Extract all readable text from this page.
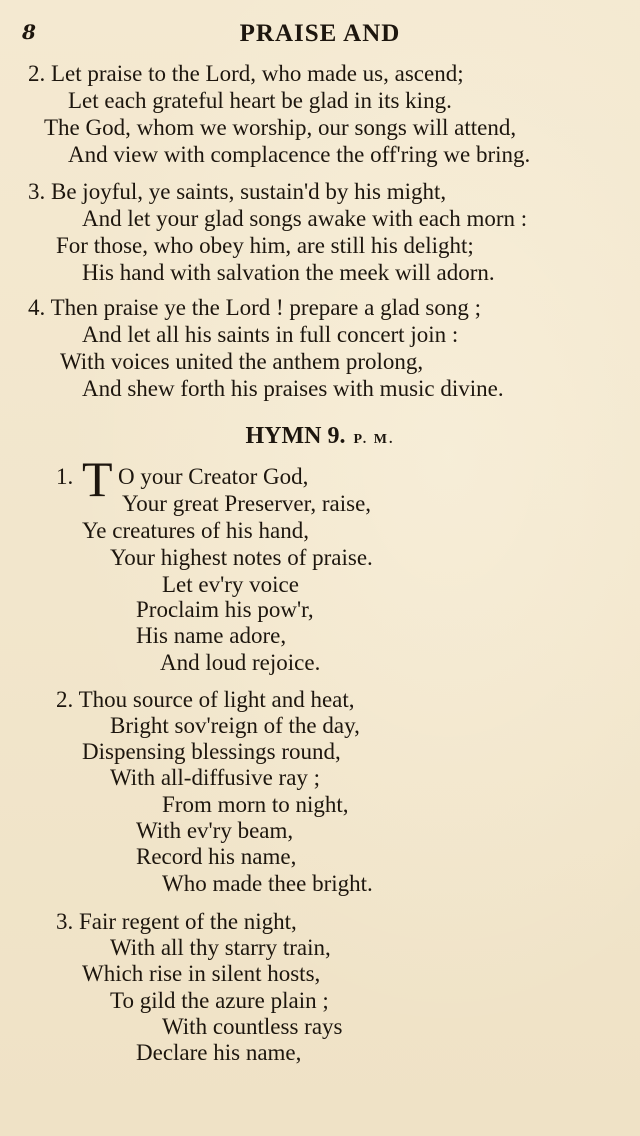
8	PRAISE AND
2. Let praise to the Lord, who made us, ascend;
Let each grateful heart be glad in its king.
The God, whom we worship, our songs will attend,
And view with complacence the off'ring we bring.
3. Be joyful, ye saints, sustain'd by his might,
And let your glad songs awake with each morn :
For those, who obey him, are still his delight;
His hand with salvation the meek will adorn.
4. Then praise ye the Lord ! prepare a glad song ;
And let all his saints in full concert join :
With voices united the anthem prolong,
And shew forth his praises with music divine.
HYMN 9. P. M.
1. T O your Creator God,
Your great Preserver, raise,
Ye creatures of his hand,
Your highest notes of praise.
Let ev'ry voice
Proclaim his pow'r,
His name adore,
And loud rejoice.
2. Thou source of light and heat,
Bright sov'reign of the day,
Dispensing blessings round,
With all-diffusive ray ;
From morn to night,
With ev'ry beam,
Record his name,
Who made thee bright.
3. Fair regent of the night,
With all thy starry train,
Which rise in silent hosts,
To gild the azure plain ;
With countless rays
Declare his name,
